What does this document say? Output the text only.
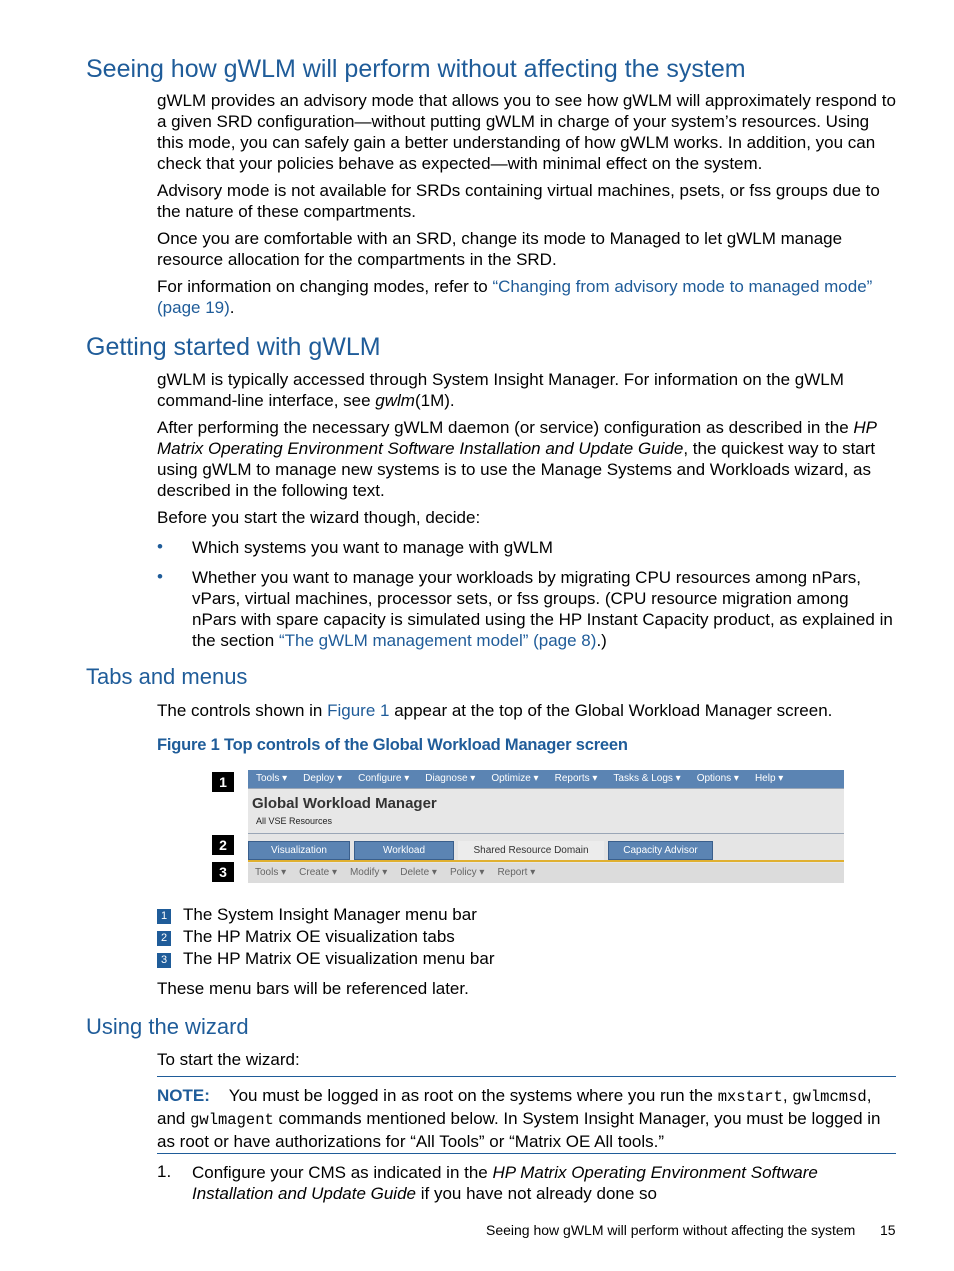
Seeing how gWLM will perform without affecting the system

gWLM provides an advisory mode that allows you to see how gWLM will approximately respond to a given SRD configuration—without putting gWLM in charge of your system’s resources. Using this mode, you can safely gain a better understanding of how gWLM works. In addition, you can check that your policies behave as expected—with minimal effect on the system.

Advisory mode is not available for SRDs containing virtual machines, psets, or fss groups due to the nature of these compartments.

Once you are comfortable with an SRD, change its mode to Managed to let gWLM manage resource allocation for the compartments in the SRD.

For information on changing modes, refer to “Changing from advisory mode to managed mode” (page 19).

Getting started with gWLM

gWLM is typically accessed through System Insight Manager. For information on the gWLM command-line interface, see gwlm(1M).

After performing the necessary gWLM daemon (or service) configuration as described in the HP Matrix Operating Environment Software Installation and Update Guide, the quickest way to start using gWLM to manage new systems is to use the Manage Systems and Workloads wizard, as described in the following text.

Before you start the wizard though, decide:

• Which systems you want to manage with gWLM

• Whether you want to manage your workloads by migrating CPU resources among nPars, vPars, virtual machines, processor sets, or fss groups. (CPU resource migration among nPars with spare capacity is simulated using the HP Instant Capacity product, as explained in the section “The gWLM management model” (page 8).)

Tabs and menus

The controls shown in Figure 1 appear at the top of the Global Workload Manager screen.

Figure 1 Top controls of the Global Workload Manager screen
1
2
3
Tools ▾	Deploy ▾	Configure ▾	Diagnose ▾	Optimize ▾	Reports ▾	Tasks & Logs ▾	Options ▾	Help ▾
Global Workload Manager
All VSE Resources
Visualization	Workload	Shared Resource Domain	Capacity Advisor
Tools ▾	Create ▾	Modify ▾	Delete ▾	Policy ▾	Report ▾
1 The System Insight Manager menu bar
2 The HP Matrix OE visualization tabs
3 The HP Matrix OE visualization menu bar

These menu bars will be referenced later.

Using the wizard

To start the wizard:

NOTE: You must be logged in as root on the systems where you run the mxstart, gwlmcmsd, and gwlmagent commands mentioned below. In System Insight Manager, you must be logged in as root or have authorizations for “All Tools” or “Matrix OE All tools.”

1. Configure your CMS as indicated in the HP Matrix Operating Environment Software Installation and Update Guide if you have not already done so

Seeing how gWLM will perform without affecting the system 15
